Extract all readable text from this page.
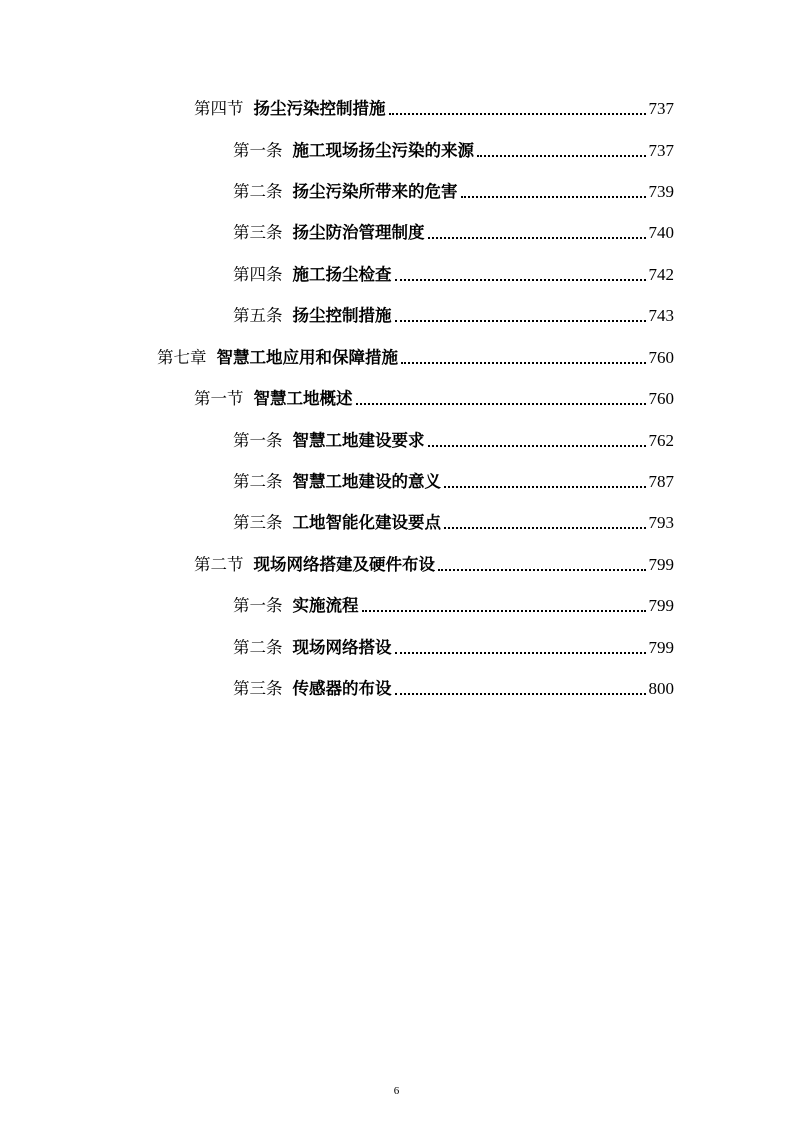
第四节 扬尘污染控制措施	737
第一条 施工现场扬尘污染的来源	737
第二条 扬尘污染所带来的危害	739
第三条 扬尘防治管理制度	740
第四条 施工扬尘检查	742
第五条 扬尘控制措施	743
第七章 智慧工地应用和保障措施	760
第一节 智慧工地概述	760
第一条 智慧工地建设要求	762
第二条 智慧工地建设的意义	787
第三条 工地智能化建设要点	793
第二节 现场网络搭建及硬件布设	799
第一条 实施流程	799
第二条 现场网络搭设	799
第三条 传感器的布设	800
6
